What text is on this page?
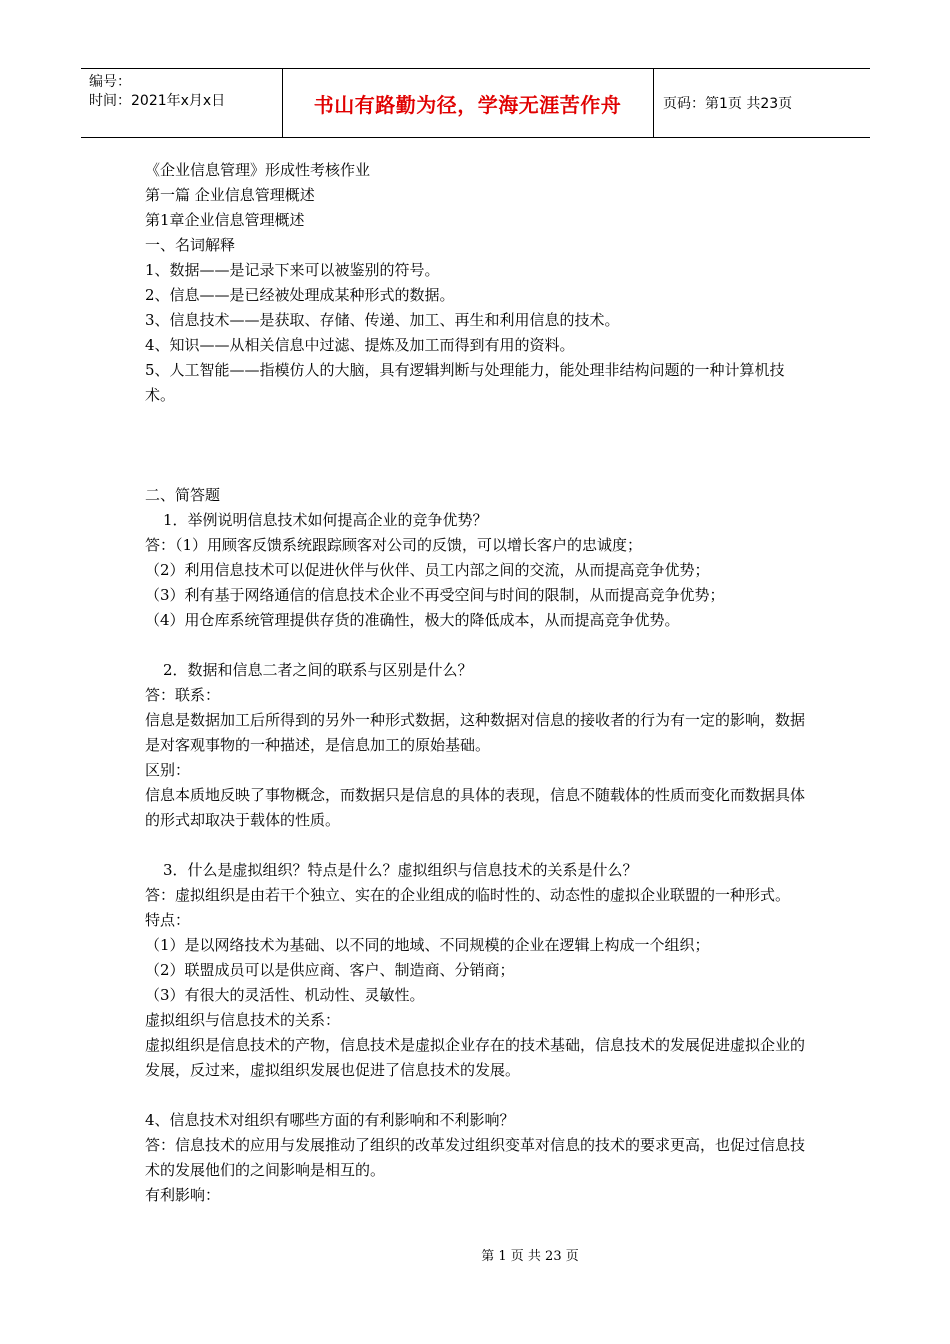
编号：
时间：2021年x月x日	书山有路勤为径，学海无涯苦作舟	页码：第1页 共23页

《企业信息管理》形成性考核作业

第一篇 企业信息管理概述

第1章企业信息管理概述

一、名词解释

1、数据——是记录下来可以被鉴别的符号。

2、信息——是已经被处理成某种形式的数据。

3、信息技术——是获取、存储、传递、加工、再生和利用信息的技术。

4、知识——从相关信息中过滤、提炼及加工而得到有用的资料。

5、人工智能——指模仿人的大脑，具有逻辑判断与处理能力，能处理非结构问题的一种计算机技术。

二、简答题

1．举例说明信息技术如何提高企业的竞争优势？

答：（1）用顾客反馈系统跟踪顾客对公司的反馈，可以增长客户的忠诚度；

（2）利用信息技术可以促进伙伴与伙伴、员工内部之间的交流，从而提高竞争优势；

（3）利有基于网络通信的信息技术企业不再受空间与时间的限制，从而提高竞争优势；

（4）用仓库系统管理提供存货的准确性，极大的降低成本，从而提高竞争优势。

2．数据和信息二者之间的联系与区别是什么？

答：联系：

信息是数据加工后所得到的另外一种形式数据，这种数据对信息的接收者的行为有一定的影响，数据是对客观事物的一种描述，是信息加工的原始基础。

区别：

信息本质地反映了事物概念，而数据只是信息的具体的表现，信息不随载体的性质而变化而数据具体的形式却取决于载体的性质。

3．什么是虚拟组织？特点是什么？虚拟组织与信息技术的关系是什么？

答：虚拟组织是由若干个独立、实在的企业组成的临时性的、动态性的虚拟企业联盟的一种形式。

特点：

（1）是以网络技术为基础、以不同的地域、不同规模的企业在逻辑上构成一个组织；

（2）联盟成员可以是供应商、客户、制造商、分销商；

（3）有很大的灵活性、机动性、灵敏性。

虚拟组织与信息技术的关系：

虚拟组织是信息技术的产物，信息技术是虚拟企业存在的技术基础，信息技术的发展促进虚拟企业的发展，反过来，虚拟组织发展也促进了信息技术的发展。

4、信息技术对组织有哪些方面的有利影响和不利影响？

答：信息技术的应用与发展推动了组织的改革发过组织变革对信息的技术的要求更高，也促过信息技术的发展他们的之间影响是相互的。

有利影响：

第 1 页 共 23 页
